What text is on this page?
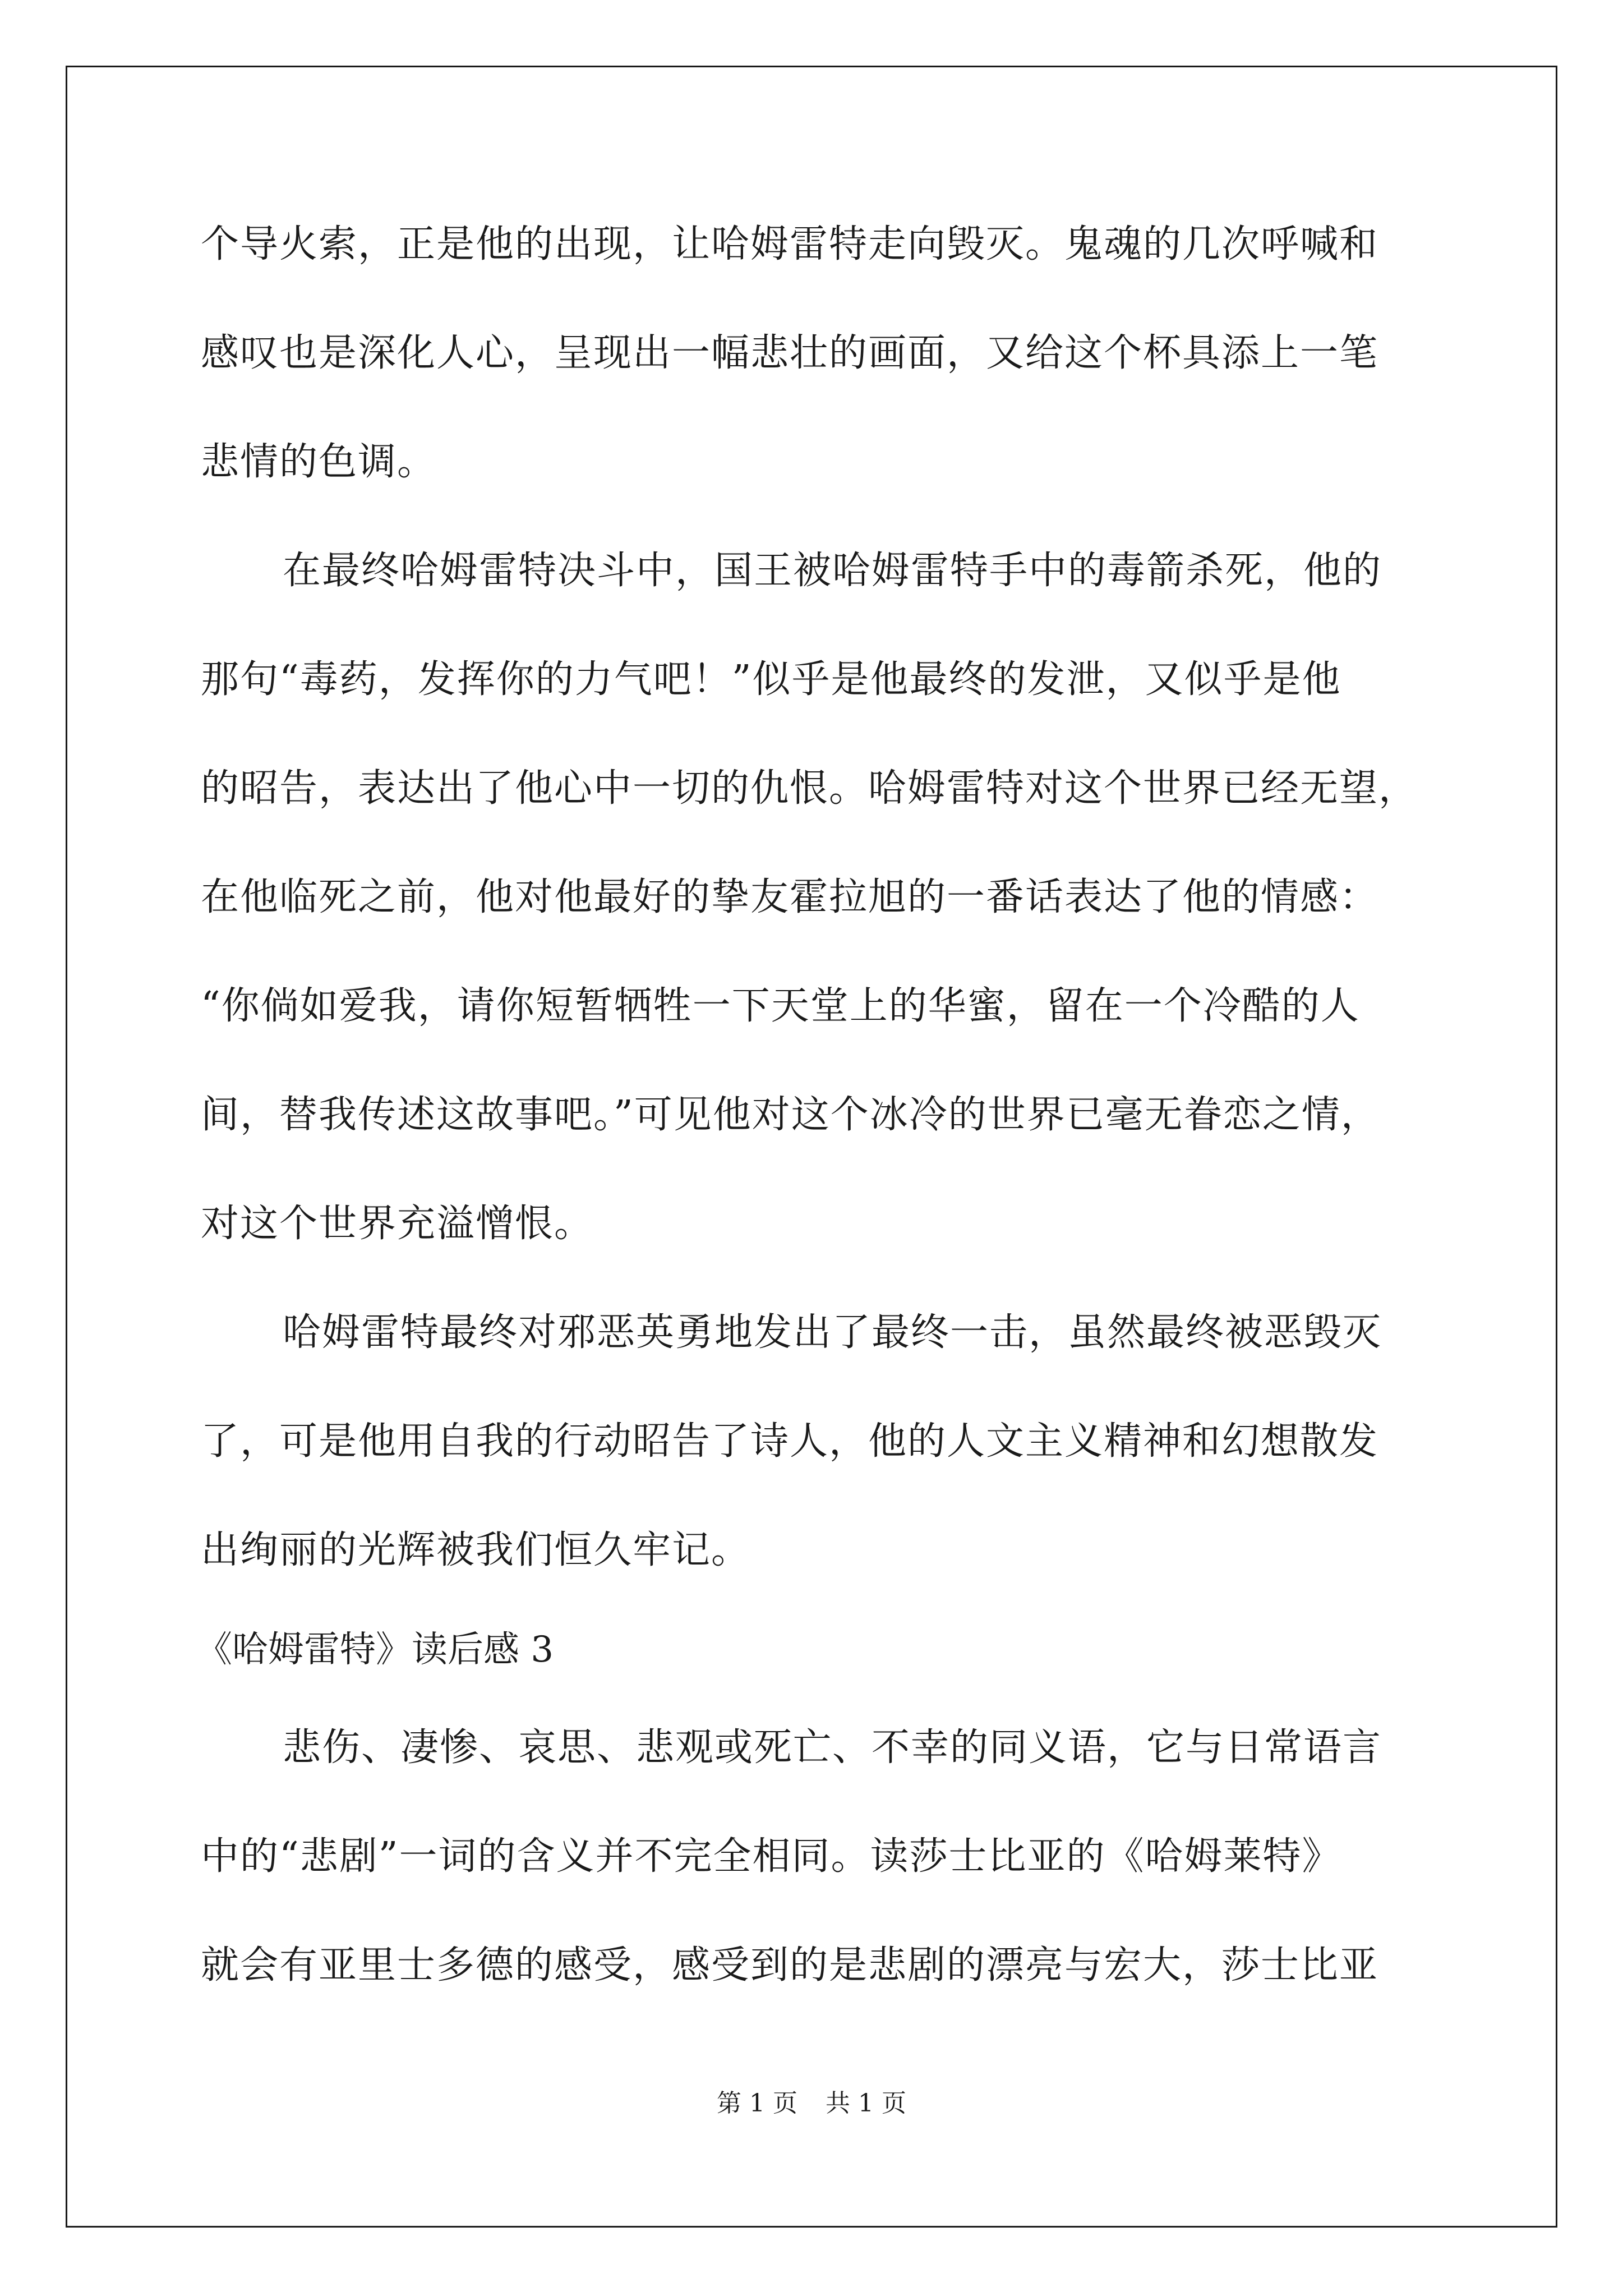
个导火索，正是他的出现，让哈姆雷特走向毁灭。鬼魂的几次呼喊和
感叹也是深化人心，呈现出一幅悲壮的画面，又给这个杯具添上一笔
悲情的色调。
在最终哈姆雷特决斗中，国王被哈姆雷特手中的毒箭杀死，他的
那句“毒药，发挥你的力气吧！”似乎是他最终的发泄，又似乎是他
的昭告，表达出了他心中一切的仇恨。哈姆雷特对这个世界已经无望，
在他临死之前，他对他最好的挚友霍拉旭的一番话表达了他的情感：
“你倘如爱我，请你短暂牺牲一下天堂上的华蜜，留在一个冷酷的人
间，替我传述这故事吧。”可见他对这个冰冷的世界已毫无眷恋之情，
对这个世界充溢憎恨。
哈姆雷特最终对邪恶英勇地发出了最终一击，虽然最终被恶毁灭
了，可是他用自我的行动昭告了诗人，他的人文主义精神和幻想散发
出绚丽的光辉被我们恒久牢记。
《哈姆雷特》读后感 3
悲伤、凄惨、哀思、悲观或死亡、不幸的同义语，它与日常语言
中的“悲剧”一词的含义并不完全相同。读莎士比亚的《哈姆莱特》
就会有亚里士多德的感受，感受到的是悲剧的漂亮与宏大，莎士比亚
第 1 页 共 1 页
